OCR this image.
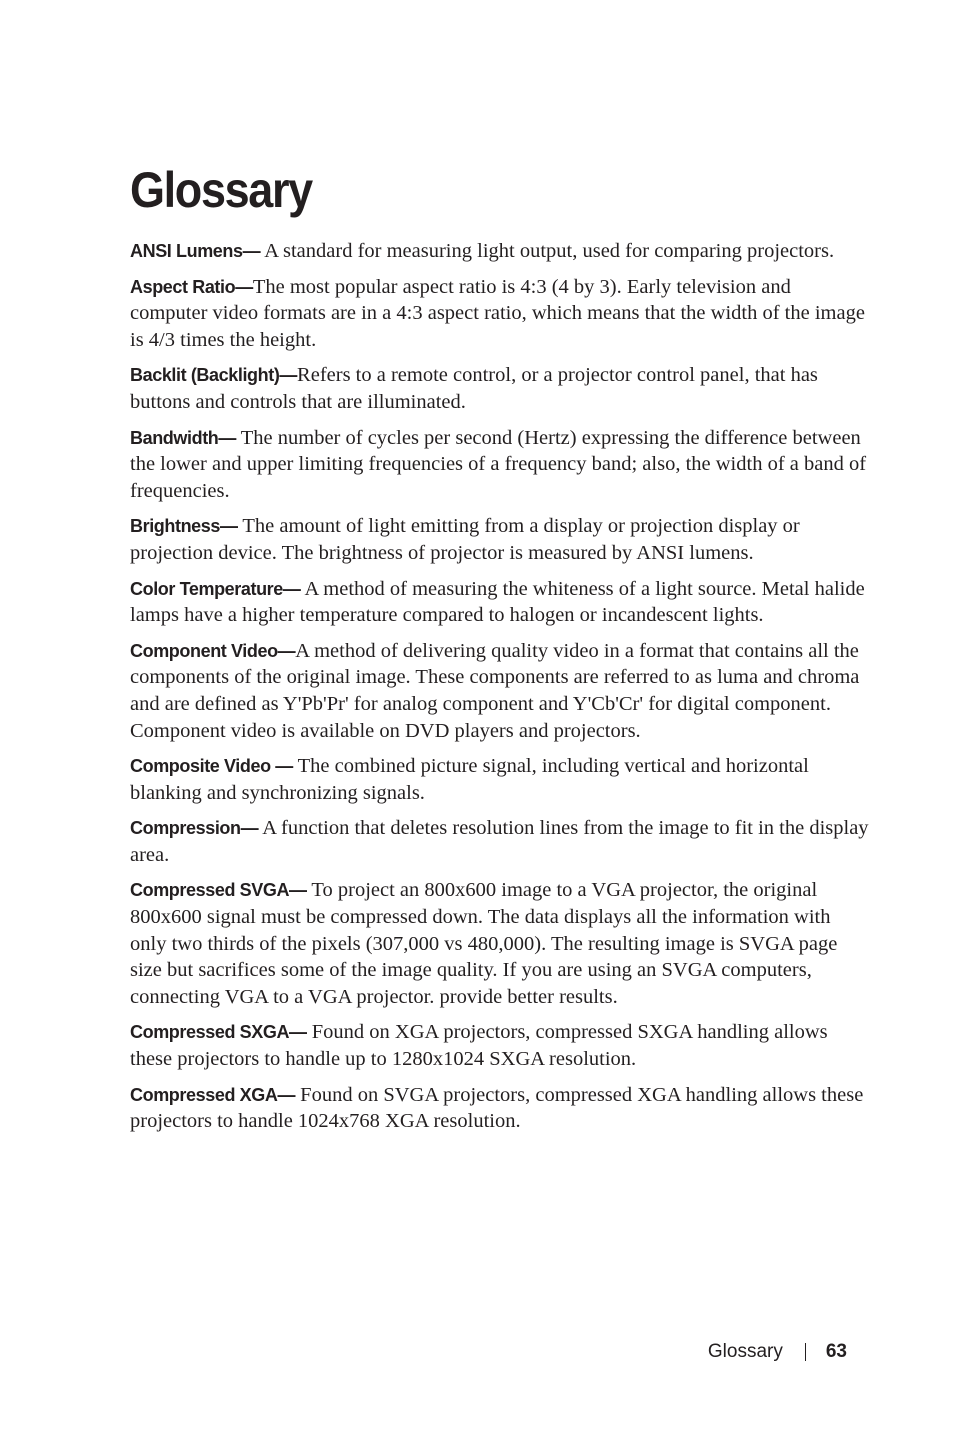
Glossary

ANSI Lumens— A standard for measuring light output, used for comparing projectors.

Aspect Ratio—The most popular aspect ratio is 4:3 (4 by 3). Early television and computer video formats are in a 4:3 aspect ratio, which means that the width of the image is 4/3 times the height.

Backlit (Backlight)—Refers to a remote control, or a projector control panel, that has buttons and controls that are illuminated.

Bandwidth— The number of cycles per second (Hertz) expressing the difference between the lower and upper limiting frequencies of a frequency band; also, the width of a band of frequencies.

Brightness— The amount of light emitting from a display or projection display or projection device. The brightness of projector is measured by ANSI lumens.

Color Temperature— A method of measuring the whiteness of a light source. Metal halide lamps have a higher temperature compared to halogen or incandescent lights.

Component Video—A method of delivering quality video in a format that contains all the components of the original image. These components are referred to as luma and chroma and are defined as Y'Pb'Pr' for analog component and Y'Cb'Cr' for digital component. Component video is available on DVD players and projectors.

Composite Video — The combined picture signal, including vertical and horizontal blanking and synchronizing signals.

Compression— A function that deletes resolution lines from the image to fit in the display area.

Compressed SVGA— To project an 800x600 image to a VGA projector, the original 800x600 signal must be compressed down. The data displays all the information with only two thirds of the pixels (307,000 vs 480,000). The resulting image is SVGA page size but sacrifices some of the image quality. If you are using an SVGA computers, connecting VGA to a VGA projector. provide better results.

Compressed SXGA— Found on XGA projectors, compressed SXGA handling allows these projectors to handle up to 1280x1024 SXGA resolution.

Compressed XGA— Found on SVGA projectors, compressed XGA handling allows these projectors to handle 1024x768 XGA resolution.

Glossary 63
